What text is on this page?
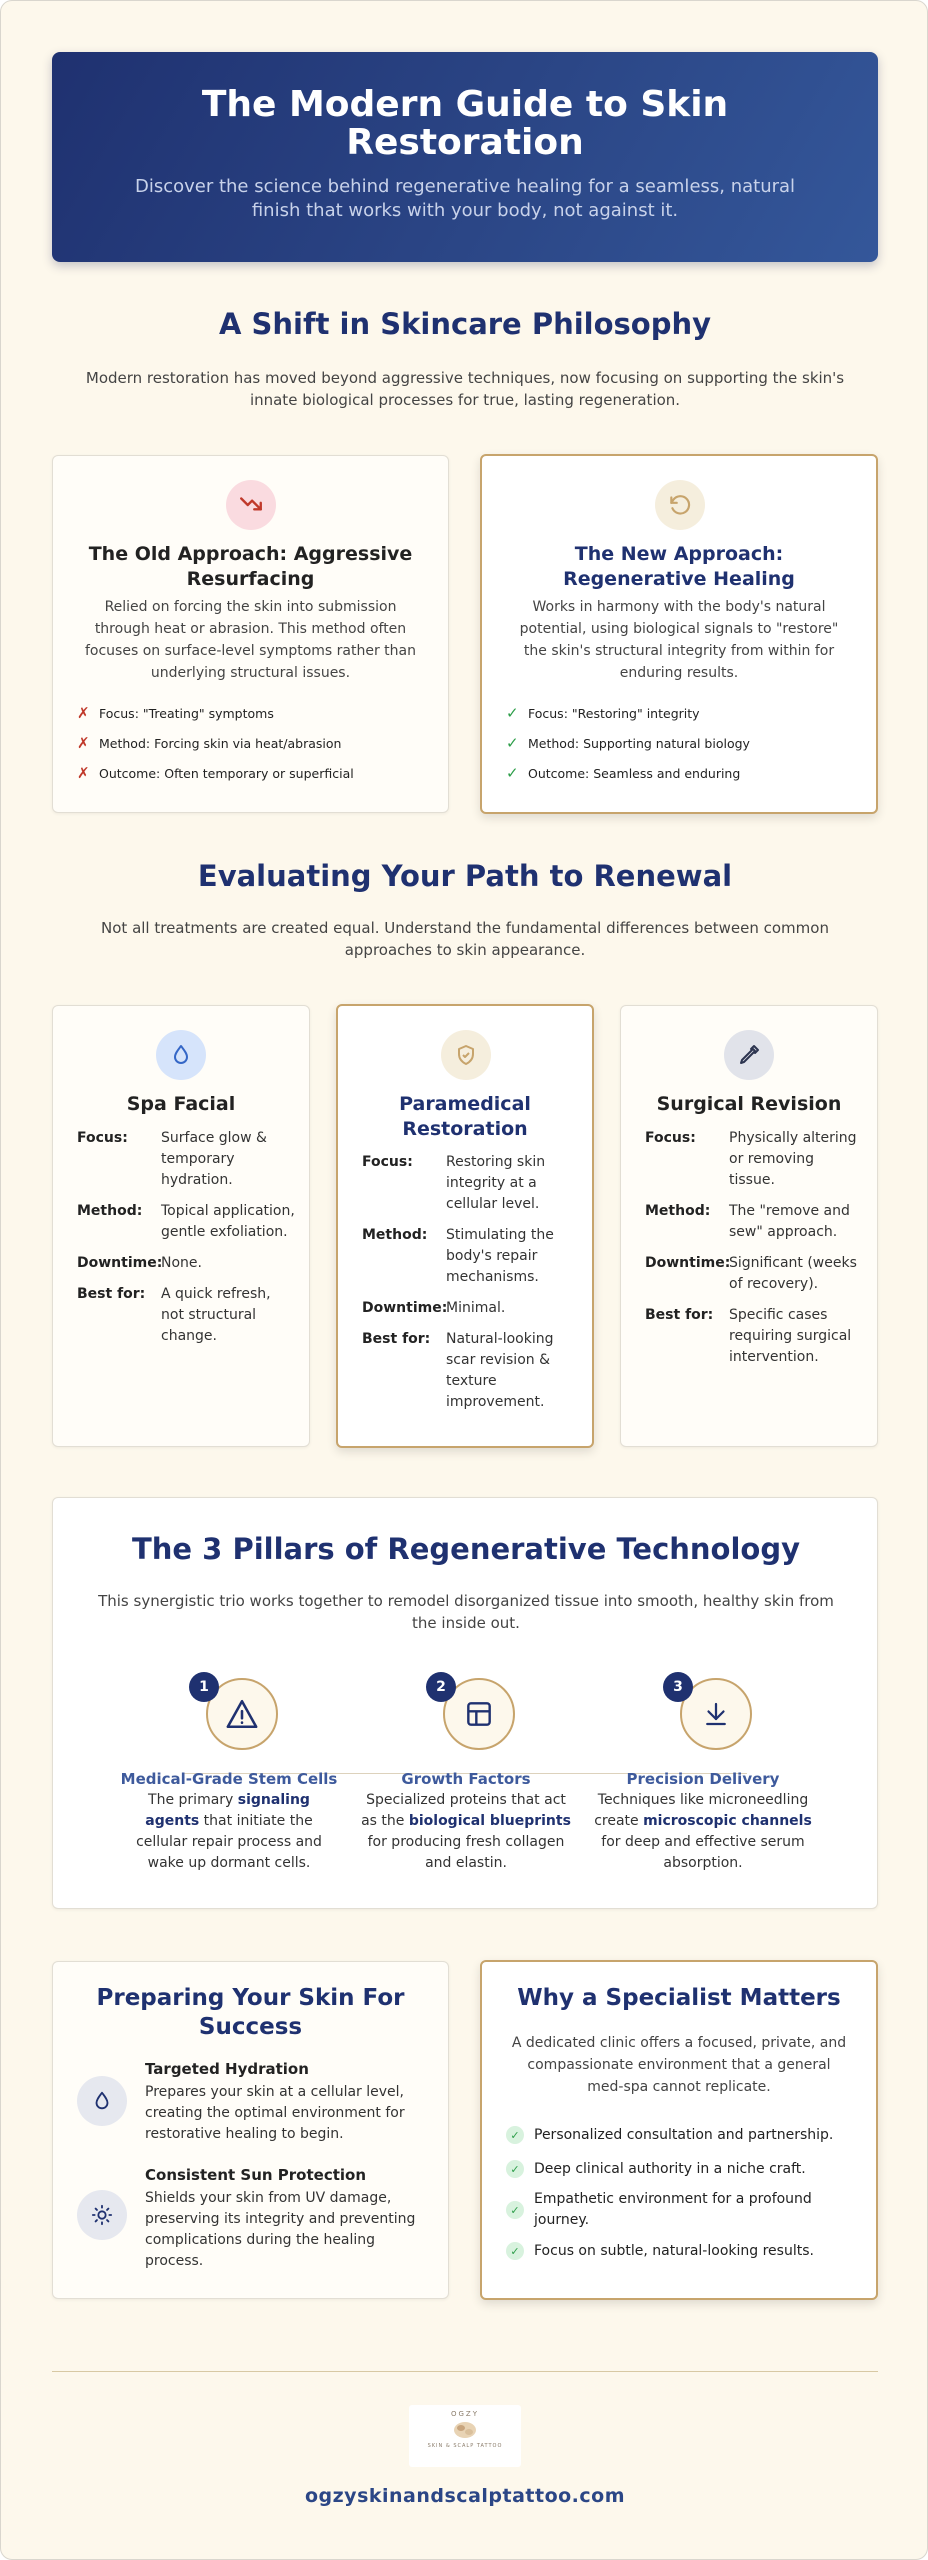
The Modern Guide to Skin Restoration

Discover the science behind regenerative healing for a seamless, natural finish that works with your body, not against it.

A Shift in Skincare Philosophy
Modern restoration has moved beyond aggressive techniques, now focusing on supporting the skin's innate biological processes for true, lasting regeneration.
The Old Approach: Aggressive Resurfacing
Relied on forcing the skin into submission through heat or abrasion. This method often focuses on surface-level symptoms rather than underlying structural issues.
✗ Focus: "Treating" symptoms
✗ Method: Forcing skin via heat/abrasion
✗ Outcome: Often temporary or superficial
The New Approach: Regenerative Healing
Works in harmony with the body's natural potential, using biological signals to "restore" the skin's structural integrity from within for enduring results.
✓ Focus: "Restoring" integrity
✓ Method: Supporting natural biology
✓ Outcome: Seamless and enduring
Evaluating Your Path to Renewal
Not all treatments are created equal. Understand the fundamental differences between common approaches to skin appearance.
Spa Facial
Focus:	Surface glow & temporary hydration.
Method:	Topical application, gentle exfoliation.
Downtime:
None.
Best for:	A quick refresh, not structural change.
Paramedical Restoration
Focus:	Restoring skin integrity at a cellular level.
Method:	Stimulating the body's repair mechanisms.
Downtime:
Minimal.
Best for:	Natural-looking scar revision & texture improvement.
Surgical Revision
Focus:	Physically altering or removing tissue.
Method:	The "remove and sew" approach.
Downtime:
Significant (weeks of recovery).
Best for:	Specific cases requiring surgical intervention.
The 3 Pillars of Regenerative Technology
This synergistic trio works together to remodel disorganized tissue into smooth, healthy skin from the inside out.
1
Medical-Grade Stem Cells
The primary signaling agents that initiate the cellular repair process and wake up dormant cells.
2
Growth Factors
Specialized proteins that act as the biological blueprints for producing fresh collagen and elastin.
3
Precision Delivery
Techniques like microneedling create microscopic channels for deep and effective serum absorption.
Preparing Your Skin For Success
Targeted Hydration
Prepares your skin at a cellular level, creating the optimal environment for restorative healing to begin.
Consistent Sun Protection
Shields your skin from UV damage, preserving its integrity and preventing complications during the healing process.
Why a Specialist Matters
A dedicated clinic offers a focused, private, and compassionate environment that a general med-spa cannot replicate.
✓	Personalized consultation and partnership.
✓	Deep clinical authority in a niche craft.
✓
Empathetic environment for a profound journey.
✓	Focus on subtle, natural-looking results.
OGZY
SKIN & SCALP TATTOO
ogzyskinandscalptattoo.com
